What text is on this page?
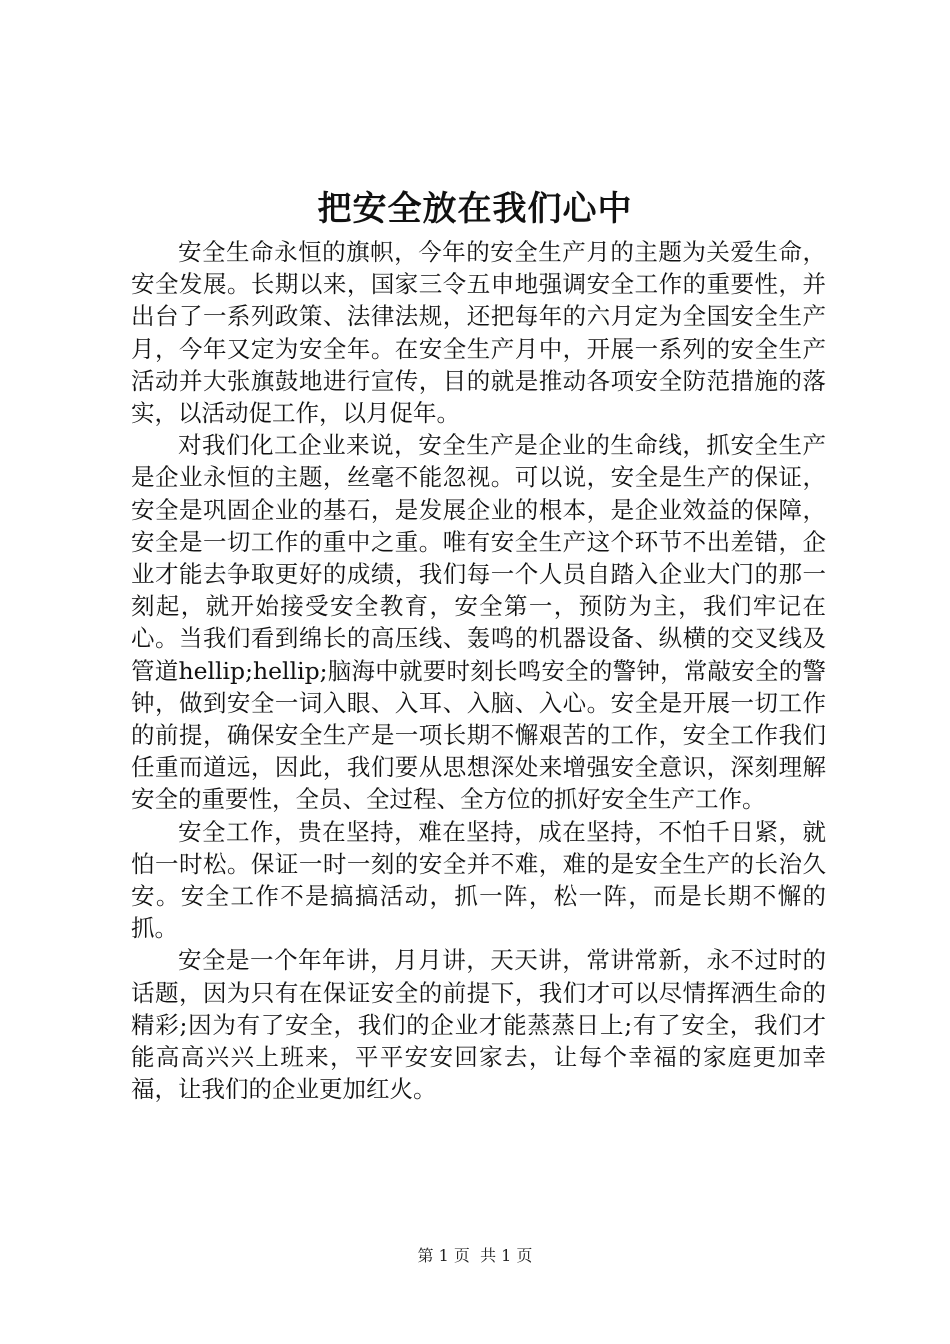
把安全放在我们心中

安全生命永恒的旗帜，今年的安全生产月的主题为关爱生命，安全发展。长期以来，国家三令五申地强调安全工作的重要性，并出台了一系列政策、法律法规，还把每年的六月定为全国安全生产月，今年又定为安全年。在安全生产月中，开展一系列的安全生产活动并大张旗鼓地进行宣传，目的就是推动各项安全防范措施的落实，以活动促工作，以月促年。

对我们化工企业来说，安全生产是企业的生命线，抓安全生产是企业永恒的主题，丝毫不能忽视。可以说，安全是生产的保证，安全是巩固企业的基石，是发展企业的根本，是企业效益的保障，安全是一切工作的重中之重。唯有安全生产这个环节不出差错，企业才能去争取更好的成绩，我们每一个人员自踏入企业大门的那一刻起，就开始接受安全教育，安全第一，预防为主，我们牢记在心。当我们看到绵长的高压线、轰鸣的机器设备、纵横的交叉线及管道hellip;hellip;脑海中就要时刻长鸣安全的警钟，常敲安全的警钟，做到安全一词入眼、入耳、入脑、入心。安全是开展一切工作的前提，确保安全生产是一项长期不懈艰苦的工作，安全工作我们任重而道远，因此，我们要从思想深处来增强安全意识，深刻理解安全的重要性，全员、全过程、全方位的抓好安全生产工作。

安全工作，贵在坚持，难在坚持，成在坚持，不怕千日紧，就怕一时松。保证一时一刻的安全并不难，难的是安全生产的长治久安。安全工作不是搞搞活动，抓一阵，松一阵，而是长期不懈的抓。

安全是一个年年讲，月月讲，天天讲，常讲常新，永不过时的话题，因为只有在保证安全的前提下，我们才可以尽情挥洒生命的精彩;因为有了安全，我们的企业才能蒸蒸日上;有了安全，我们才能高高兴兴上班来，平平安安回家去，让每个幸福的家庭更加幸福，让我们的企业更加红火。

第 1 页 共 1 页
